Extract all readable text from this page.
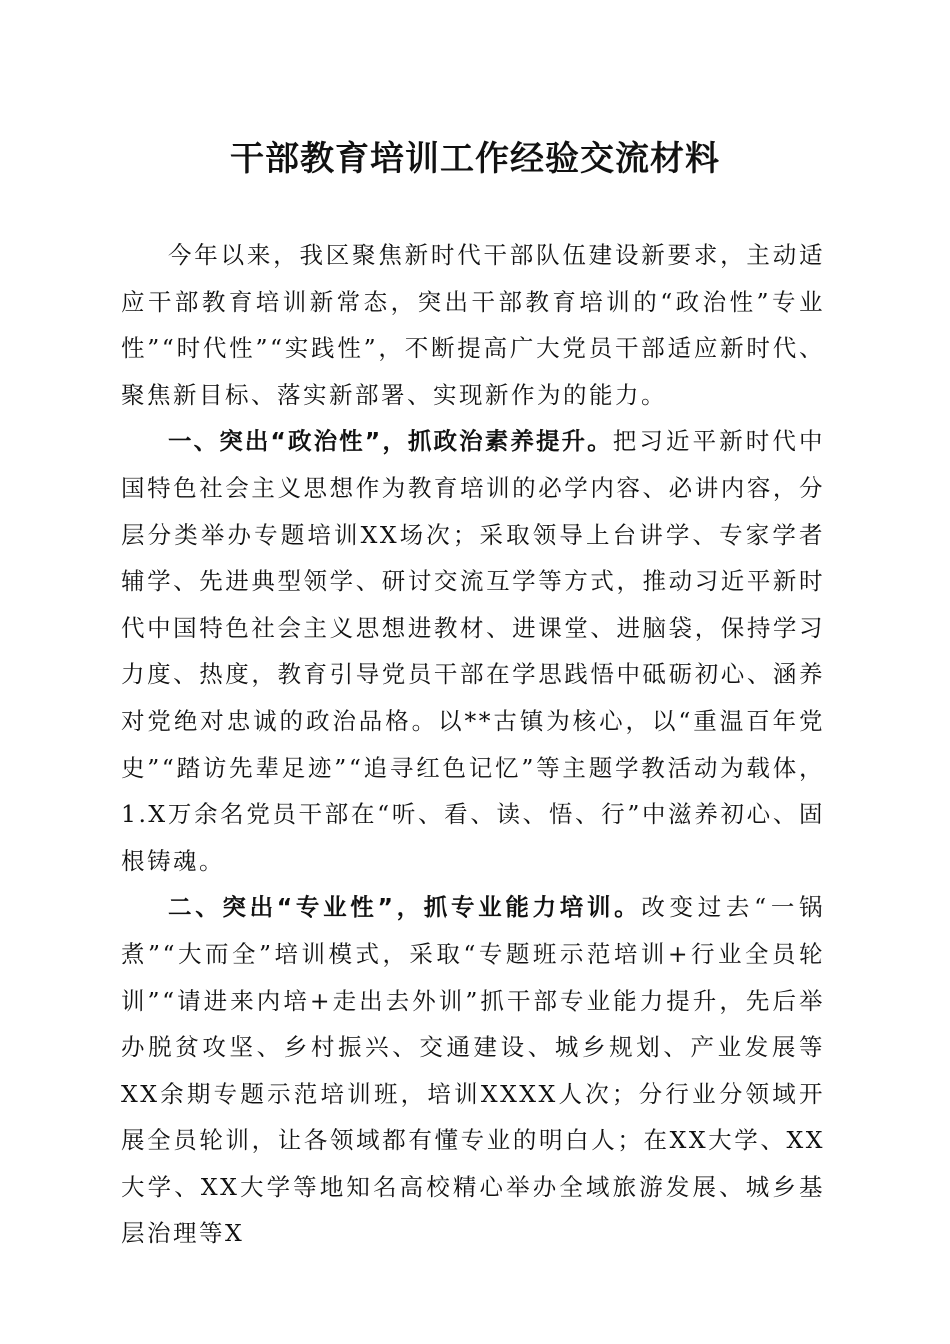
干部教育培训工作经验交流材料

今年以来，我区聚焦新时代干部队伍建设新要求，主动适应干部教育培训新常态，突出干部教育培训的“政治性”专业性”“时代性”“实践性”，不断提高广大党员干部适应新时代、聚焦新目标、落实新部署、实现新作为的能力。

一、突出“政治性”，抓政治素养提升。把习近平新时代中国特色社会主义思想作为教育培训的必学内容、必讲内容，分层分类举办专题培训XX场次；采取领导上台讲学、专家学者辅学、先进典型领学、研讨交流互学等方式，推动习近平新时代中国特色社会主义思想进教材、进课堂、进脑袋，保持学习力度、热度，教育引导党员干部在学思践悟中砥砺初心、涵养对党绝对忠诚的政治品格。以**古镇为核心，以“重温百年党史”“踏访先辈足迹”“追寻红色记忆”等主题学教活动为载体，1.X万余名党员干部在“听、看、读、悟、行”中滋养初心、固根铸魂。

二、突出“专业性”，抓专业能力培训。改变过去“一锅煮”“大而全”培训模式，采取“专题班示范培训+行业全员轮训”“请进来内培+走出去外训”抓干部专业能力提升，先后举办脱贫攻坚、乡村振兴、交通建设、城乡规划、产业发展等XX余期专题示范培训班，培训XXXX人次；分行业分领域开展全员轮训，让各领域都有懂专业的明白人；在XX大学、XX大学、XX大学等地知名高校精心举办全域旅游发展、城乡基层治理等X
